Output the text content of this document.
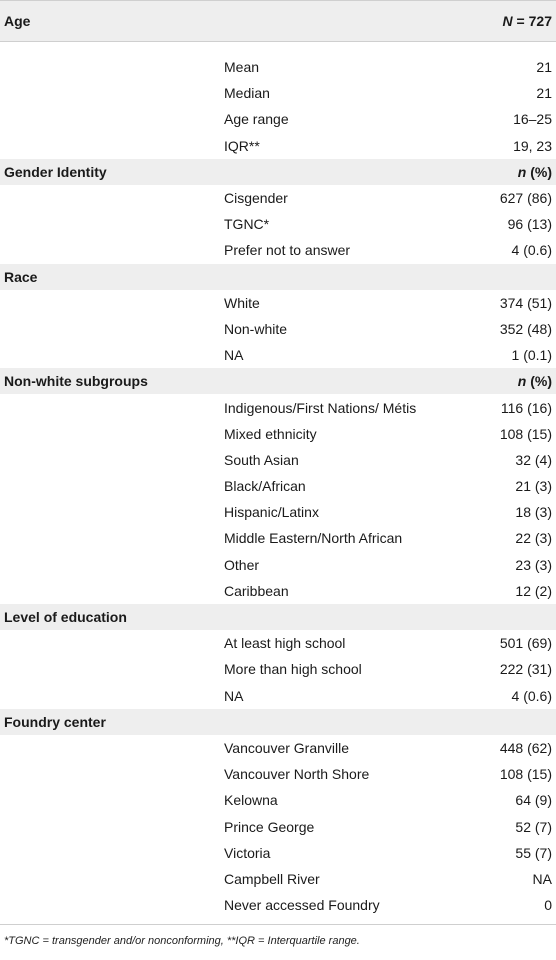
Age	N = 727
Mean	21
Median	21
Age range	16–25
IQR**	19, 23
Gender Identity	n (%)
Cisgender	627 (86)
TGNC*	96 (13)
Prefer not to answer	4 (0.6)
Race
White	374 (51)
Non-white	352 (48)
NA	1 (0.1)
Non-white subgroups	n (%)
Indigenous/First Nations/ Métis	116 (16)
Mixed ethnicity	108 (15)
South Asian	32 (4)
Black/African	21 (3)
Hispanic/Latinx	18 (3)
Middle Eastern/North African	22 (3)
Other	23 (3)
Caribbean	12 (2)
Level of education
At least high school	501 (69)
More than high school	222 (31)
NA	4 (0.6)
Foundry center
Vancouver Granville	448 (62)
Vancouver North Shore	108 (15)
Kelowna	64 (9)
Prince George	52 (7)
Victoria	55 (7)
Campbell River	NA
Never accessed Foundry	0
*TGNC = transgender and/or nonconforming, **IQR = Interquartile range.
